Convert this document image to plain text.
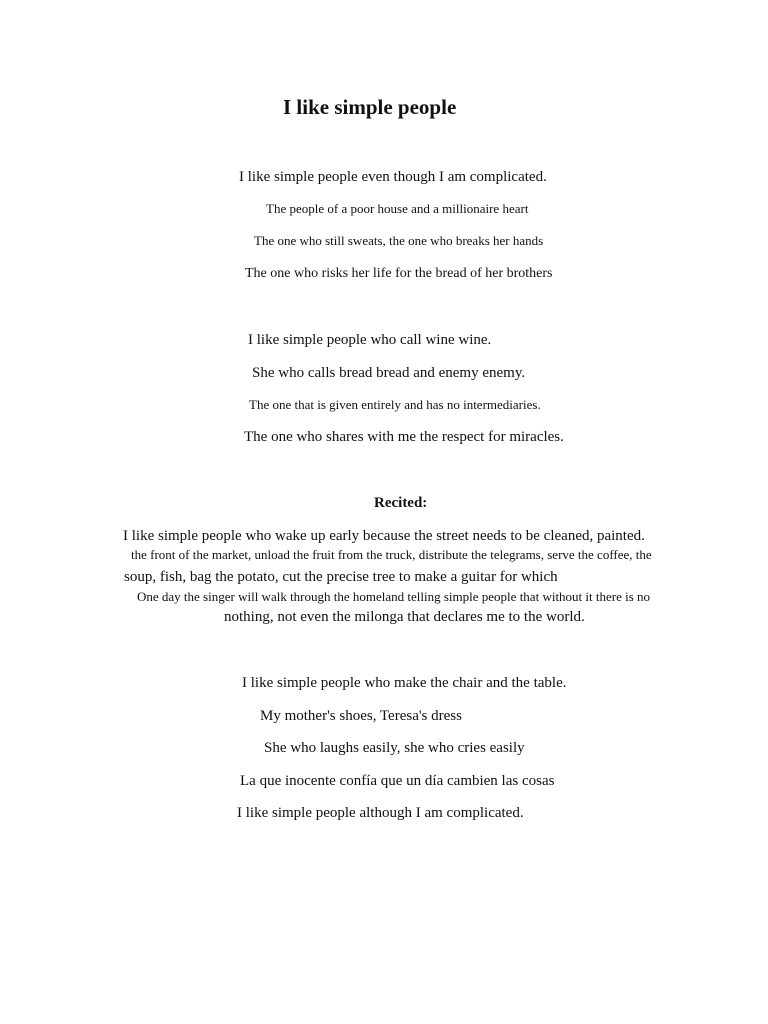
I like simple people

I like simple people even though I am complicated.

The people of a poor house and a millionaire heart

The one who still sweats, the one who breaks her hands

The one who risks her life for the bread of her brothers

I like simple people who call wine wine.

She who calls bread bread and enemy enemy.

The one that is given entirely and has no intermediaries.

The one who shares with me the respect for miracles.

Recited:

I like simple people who wake up early because the street needs to be cleaned, painted.

the front of the market, unload the fruit from the truck, distribute the telegrams, serve the coffee, the

soup, fish, bag the potato, cut the precise tree to make a guitar for which

One day the singer will walk through the homeland telling simple people that without it there is no

nothing, not even the milonga that declares me to the world.

I like simple people who make the chair and the table.

My mother's shoes, Teresa's dress

She who laughs easily, she who cries easily

La que inocente confía que un día cambien las cosas

I like simple people although I am complicated.
